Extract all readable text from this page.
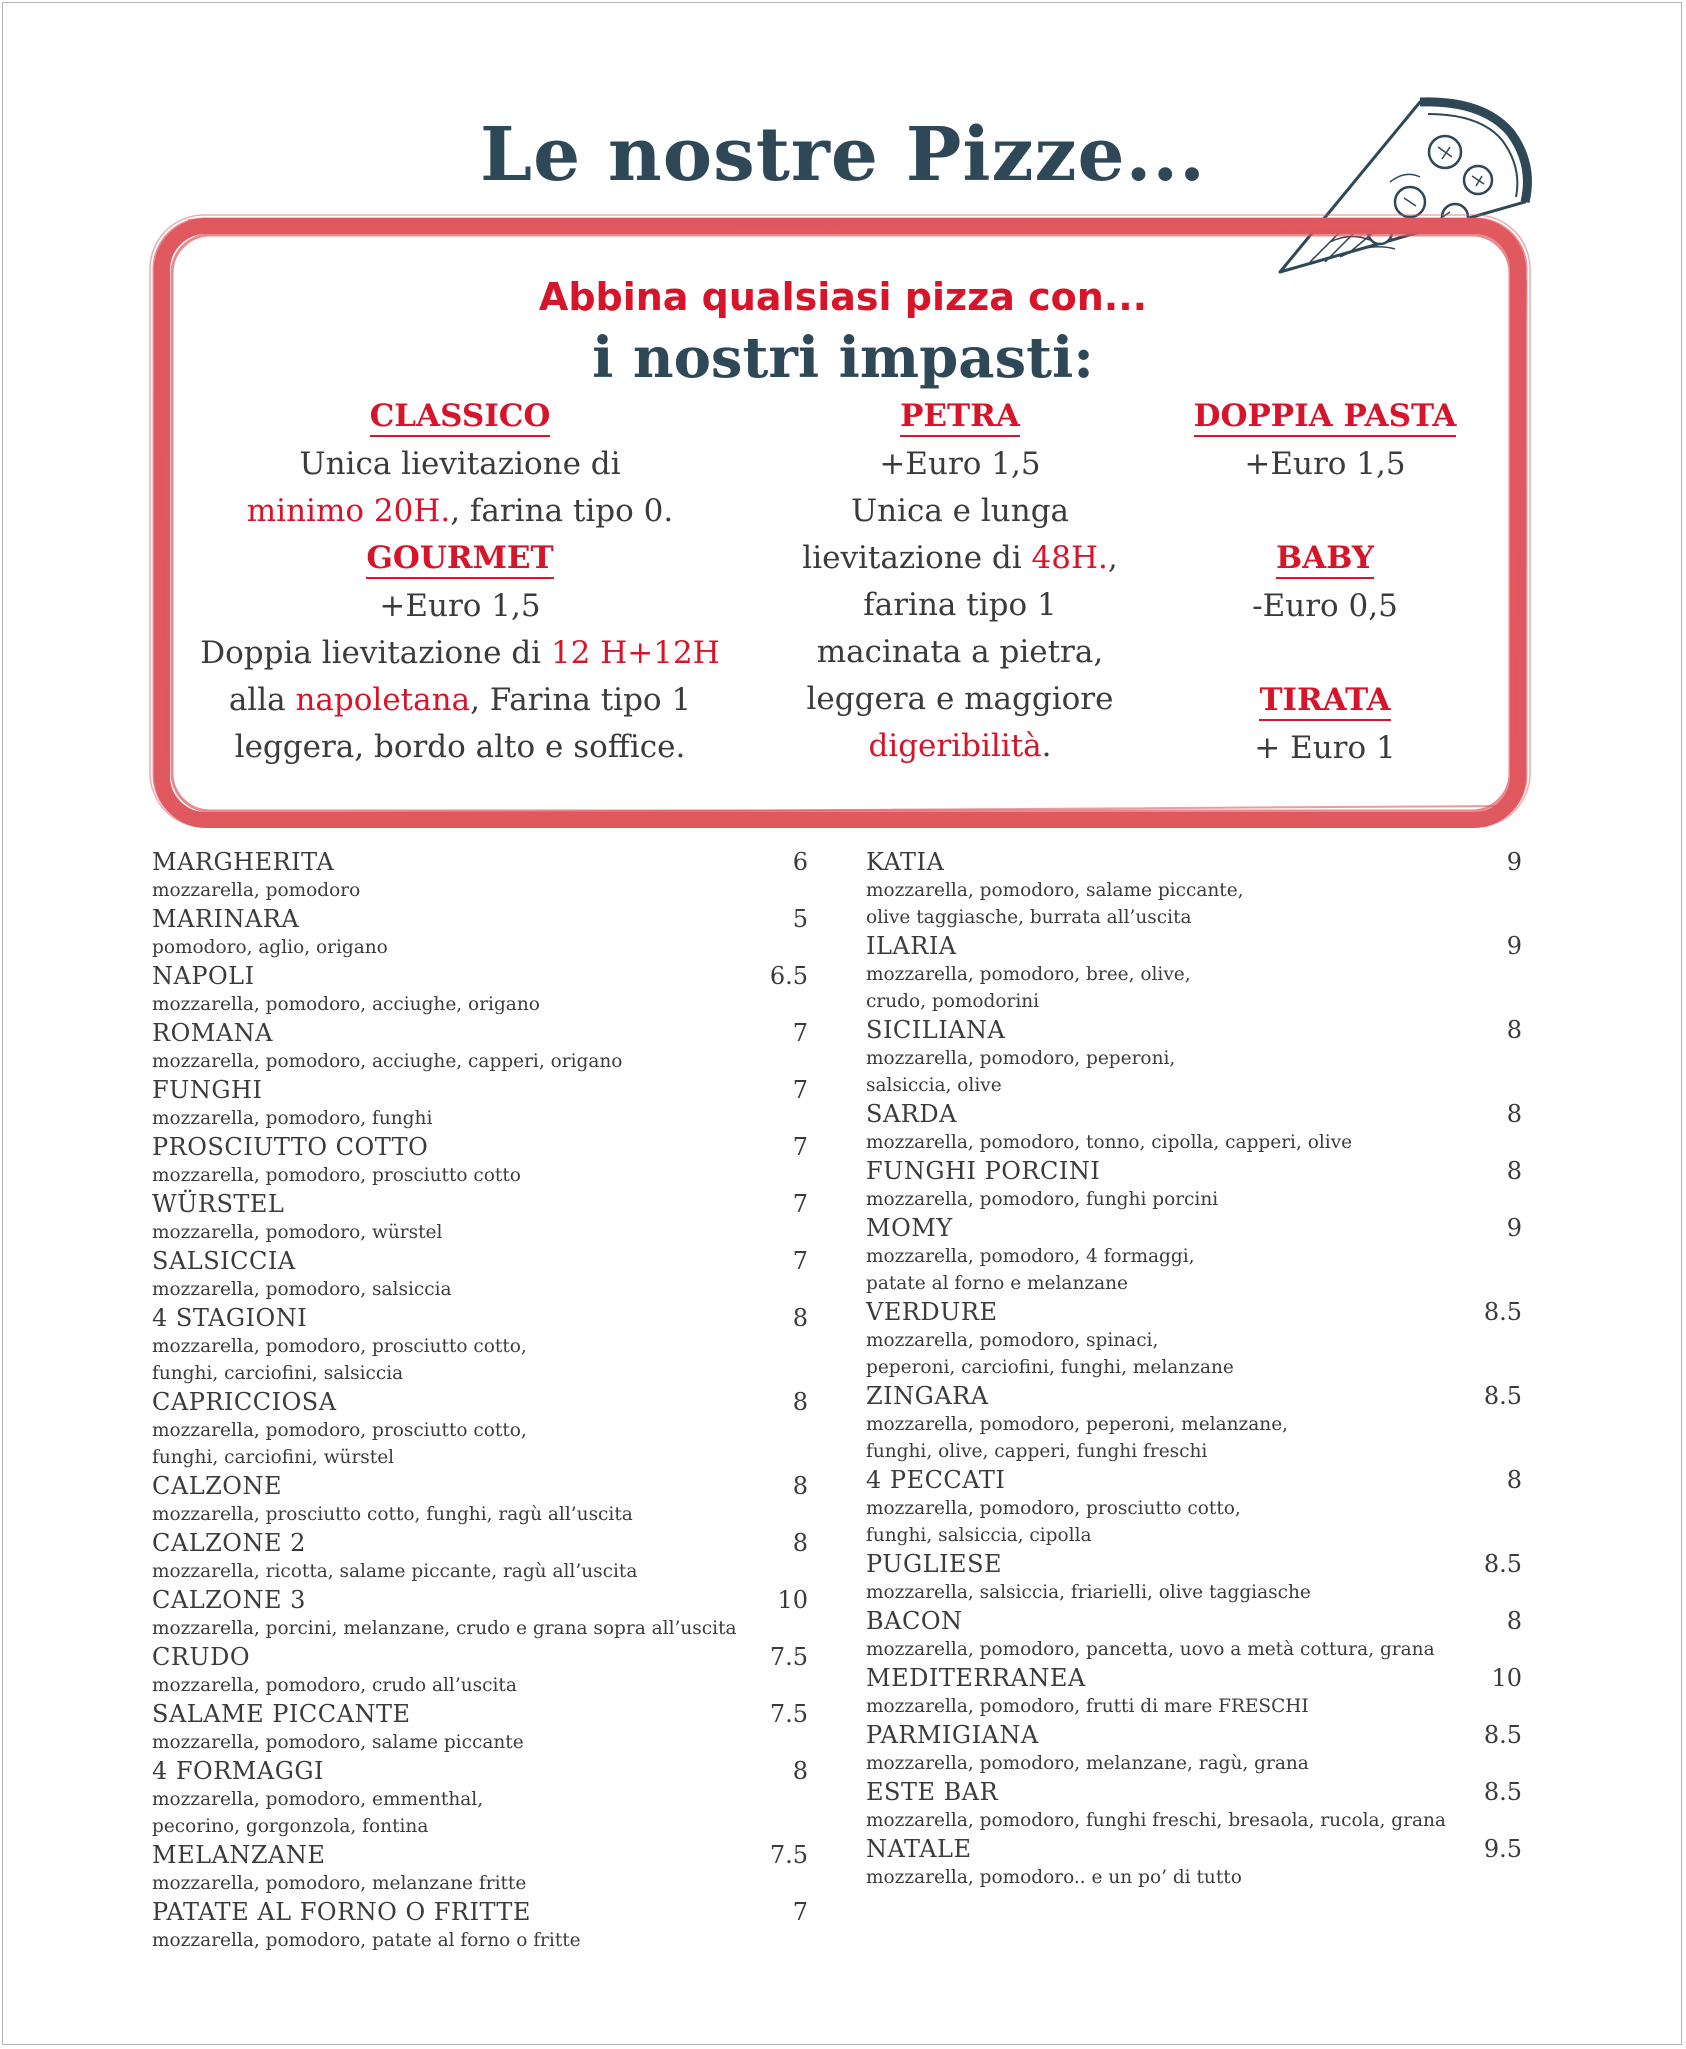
Le nostre Pizze...
Abbina qualsiasi pizza con...
i nostri impasti:
CLASSICO
Unica lievitazione di
minimo 20H., farina tipo 0.
GOURMET
+Euro 1,5
Doppia lievitazione di 12 H+12H
alla napoletana, Farina tipo 1
leggera, bordo alto e soffice.
PETRA
+Euro 1,5
Unica e lunga
lievitazione di 48H.,
farina tipo 1
macinata a pietra,
leggera e maggiore
digeribilità.
DOPPIA PASTA
+Euro 1,5
BABY
-Euro 0,5
TIRATA
+ Euro 1
MARGHERITA	6
mozzarella, pomodoro
MARINARA	5
pomodoro, aglio, origano
NAPOLI	6.5
mozzarella, pomodoro, acciughe, origano
ROMANA	7
mozzarella, pomodoro, acciughe, capperi, origano
FUNGHI	7
mozzarella, pomodoro, funghi
PROSCIUTTO COTTO	7
mozzarella, pomodoro, prosciutto cotto
WÜRSTEL	7
mozzarella, pomodoro, würstel
SALSICCIA	7
mozzarella, pomodoro, salsiccia
4 STAGIONI	8
mozzarella, pomodoro, prosciutto cotto,
funghi, carciofini, salsiccia
CAPRICCIOSA	8
mozzarella, pomodoro, prosciutto cotto,
funghi, carciofini, würstel
CALZONE	8
mozzarella, prosciutto cotto, funghi, ragù all’uscita
CALZONE 2	8
mozzarella, ricotta, salame piccante, ragù all’uscita
CALZONE 3	10
mozzarella, porcini, melanzane, crudo e grana sopra all’uscita
CRUDO	7.5
mozzarella, pomodoro, crudo all’uscita
SALAME PICCANTE	7.5
mozzarella, pomodoro, salame piccante
4 FORMAGGI	8
mozzarella, pomodoro, emmenthal,
pecorino, gorgonzola, fontina
MELANZANE	7.5
mozzarella, pomodoro, melanzane fritte
PATATE AL FORNO O FRITTE	7
mozzarella, pomodoro, patate al forno o fritte
KATIA	9
mozzarella, pomodoro, salame piccante,
olive taggiasche, burrata all’uscita
ILARIA	9
mozzarella, pomodoro, bree, olive,
crudo, pomodorini
SICILIANA	8
mozzarella, pomodoro, peperoni,
salsiccia, olive
SARDA	8
mozzarella, pomodoro, tonno, cipolla, capperi, olive
FUNGHI PORCINI	8
mozzarella, pomodoro, funghi porcini
MOMY	9
mozzarella, pomodoro, 4 formaggi,
patate al forno e melanzane
VERDURE	8.5
mozzarella, pomodoro, spinaci,
peperoni, carciofini, funghi, melanzane
ZINGARA	8.5
mozzarella, pomodoro, peperoni, melanzane,
funghi, olive, capperi, funghi freschi
4 PECCATI	8
mozzarella, pomodoro, prosciutto cotto,
funghi, salsiccia, cipolla
PUGLIESE	8.5
mozzarella, salsiccia, friarielli, olive taggiasche
BACON	8
mozzarella, pomodoro, pancetta, uovo a metà cottura, grana
MEDITERRANEA	10
mozzarella, pomodoro, frutti di mare FRESCHI
PARMIGIANA	8.5
mozzarella, pomodoro, melanzane, ragù, grana
ESTE BAR	8.5
mozzarella, pomodoro, funghi freschi, bresaola, rucola, grana
NATALE	9.5
mozzarella, pomodoro.. e un po’ di tutto
